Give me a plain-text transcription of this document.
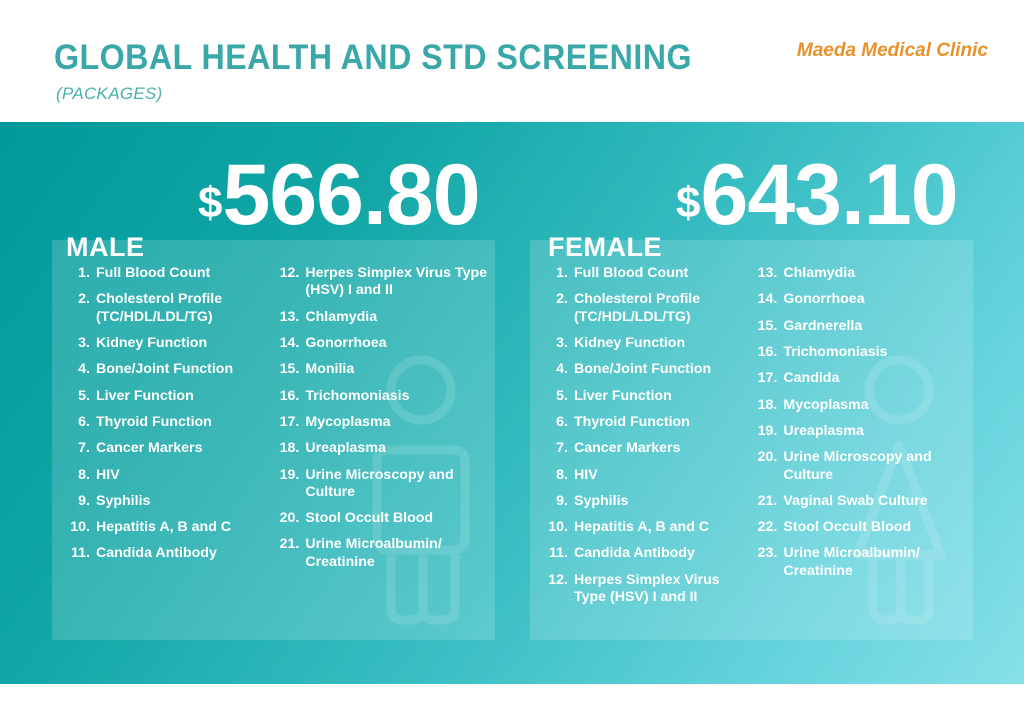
GLOBAL HEALTH AND STD SCREENING
(PACKAGES)
Maeda Medical Clinic
$566.80
MALE
$643.10
FEMALE
1. Full Blood Count
2. Cholesterol Profile (TC/HDL/LDL/TG)
3. Kidney Function
4. Bone/Joint Function
5. Liver Function
6. Thyroid Function
7. Cancer Markers
8. HIV
9. Syphilis
10. Hepatitis A, B and C
11. Candida Antibody
12. Herpes Simplex Virus Type (HSV) I and II
13. Chlamydia
14. Gonorrhoea
15. Monilia
16. Trichomoniasis
17. Mycoplasma
18. Ureaplasma
19. Urine Microscopy and Culture
20. Stool Occult Blood
21. Urine Microalbumin/ Creatinine
1. Full Blood Count
2. Cholesterol Profile (TC/HDL/LDL/TG)
3. Kidney Function
4. Bone/Joint Function
5. Liver Function
6. Thyroid Function
7. Cancer Markers
8. HIV
9. Syphilis
10. Hepatitis A, B and C
11. Candida Antibody
12. Herpes Simplex Virus Type (HSV) I and II
13. Chlamydia
14. Gonorrhoea
15. Gardnerella
16. Trichomoniasis
17. Candida
18. Mycoplasma
19. Ureaplasma
20. Urine Microscopy and Culture
21. Vaginal Swab Culture
22. Stool Occult Blood
23. Urine Microalbumin/ Creatinine
